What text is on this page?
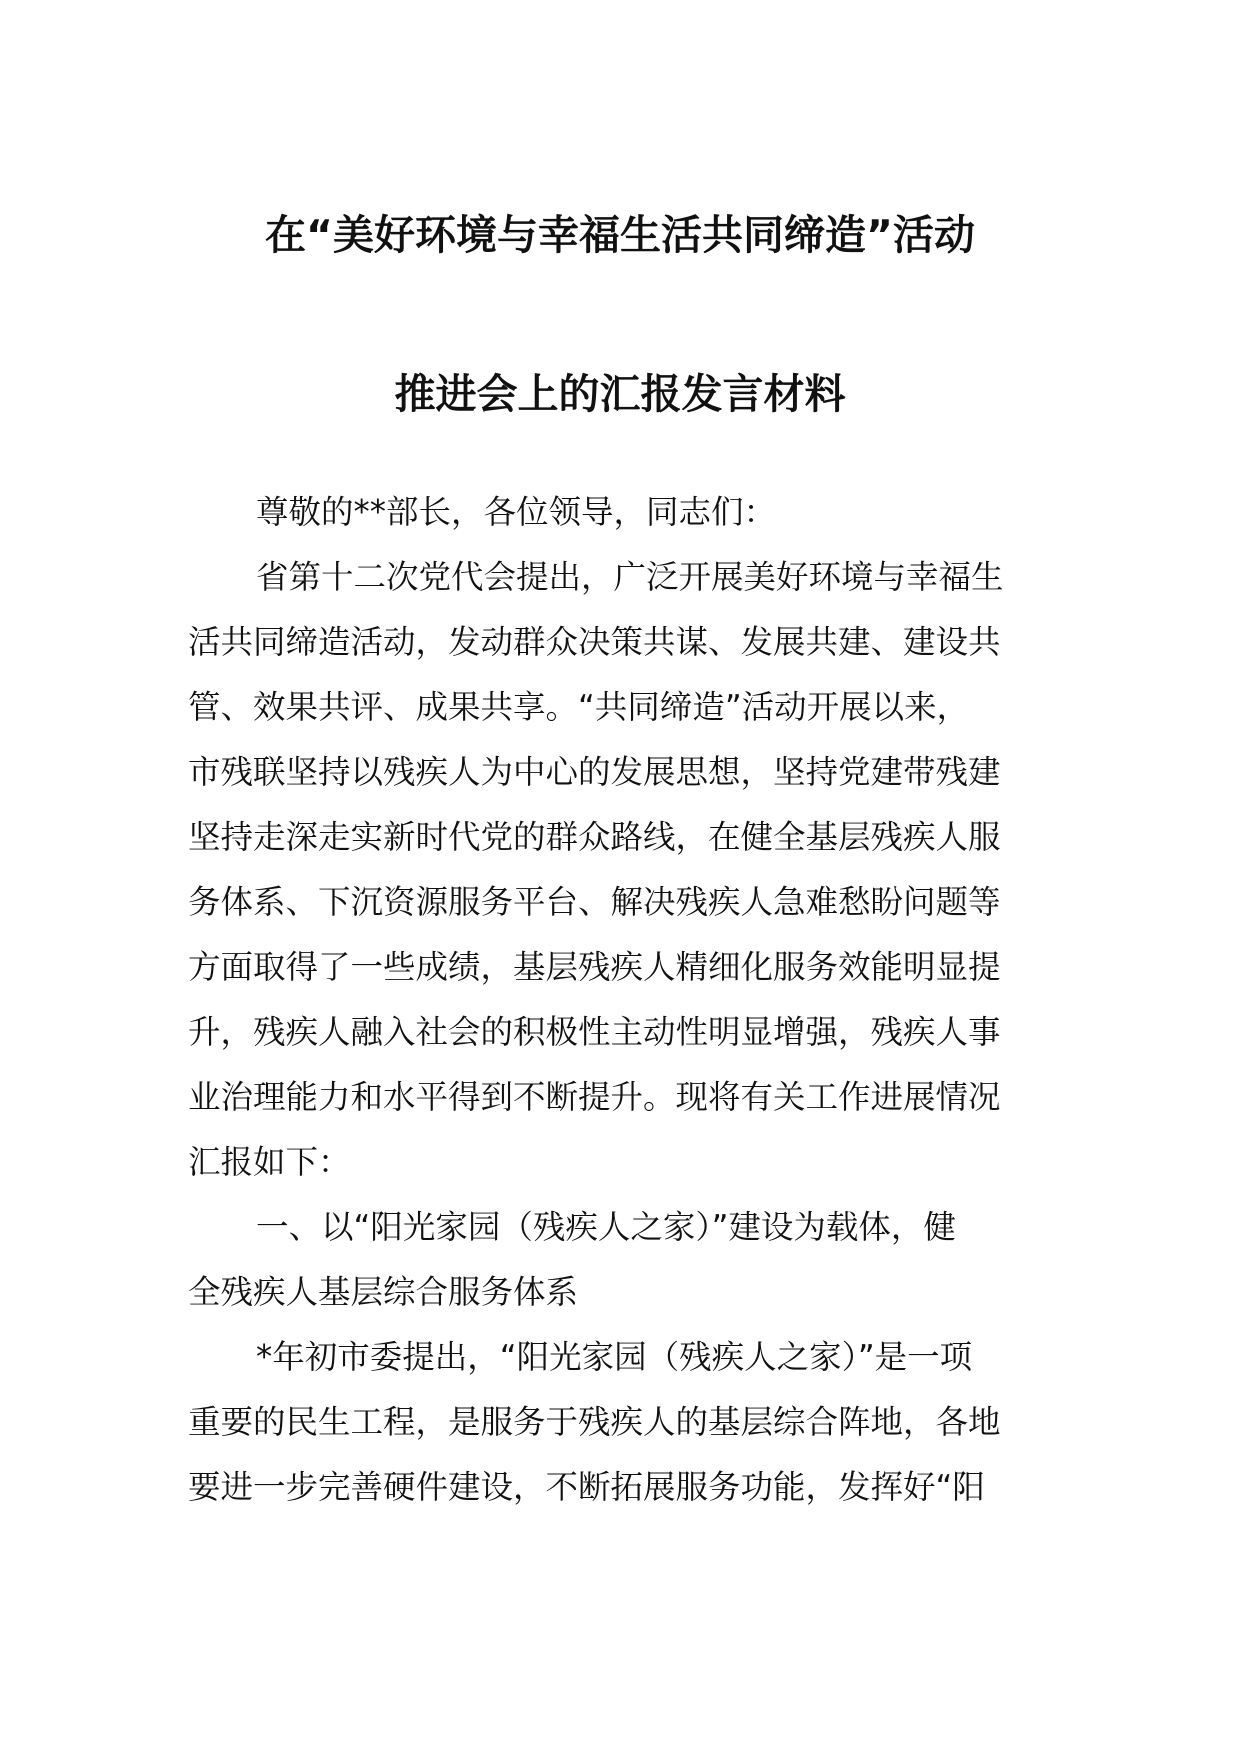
在“美好环境与幸福生活共同缔造”活动
推进会上的汇报发言材料
尊敬的**部长，各位领导，同志们：
省第十二次党代会提出，广泛开展美好环境与幸福生
活共同缔造活动，发动群众决策共谋、发展共建、建设共
管、效果共评、成果共享。“共同缔造”活动开展以来，
市残联坚持以残疾人为中心的发展思想，坚持党建带残建
坚持走深走实新时代党的群众路线，在健全基层残疾人服
务体系、下沉资源服务平台、解决残疾人急难愁盼问题等
方面取得了一些成绩，基层残疾人精细化服务效能明显提
升，残疾人融入社会的积极性主动性明显增强，残疾人事
业治理能力和水平得到不断提升。现将有关工作进展情况
汇报如下：
一、以“阳光家园（残疾人之家）”建设为载体，健
全残疾人基层综合服务体系
*年初市委提出，“阳光家园（残疾人之家）”是一项
重要的民生工程，是服务于残疾人的基层综合阵地，各地
要进一步完善硬件建设，不断拓展服务功能，发挥好“阳
